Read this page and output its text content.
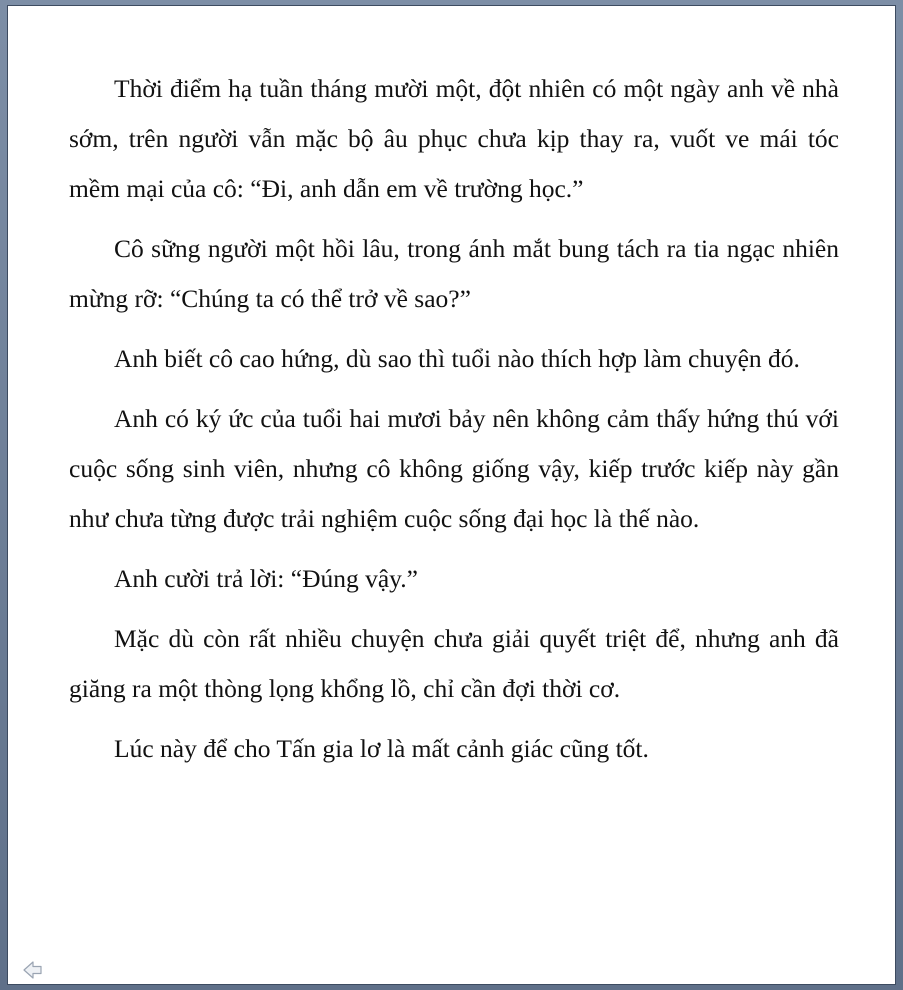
Thời điểm hạ tuần tháng mười một, đột nhiên có một ngày anh về nhà sớm, trên người vẫn mặc bộ âu phục chưa kịp thay ra, vuốt ve mái tóc mềm mại của cô: “Đi, anh dẫn em về trường học.”

Cô sững người một hồi lâu, trong ánh mắt bung tách ra tia ngạc nhiên mừng rỡ: “Chúng ta có thể trở về sao?”

Anh biết cô cao hứng, dù sao thì tuổi nào thích hợp làm chuyện đó.

Anh có ký ức của tuổi hai mươi bảy nên không cảm thấy hứng thú với cuộc sống sinh viên, nhưng cô không giống vậy, kiếp trước kiếp này gần như chưa từng được trải nghiệm cuộc sống đại học là thế nào.

Anh cười trả lời: “Đúng vậy.”

Mặc dù còn rất nhiều chuyện chưa giải quyết triệt để, nhưng anh đã giăng ra một thòng lọng khổng lồ, chỉ cần đợi thời cơ.

Lúc này để cho Tấn gia lơ là mất cảnh giác cũng tốt.
